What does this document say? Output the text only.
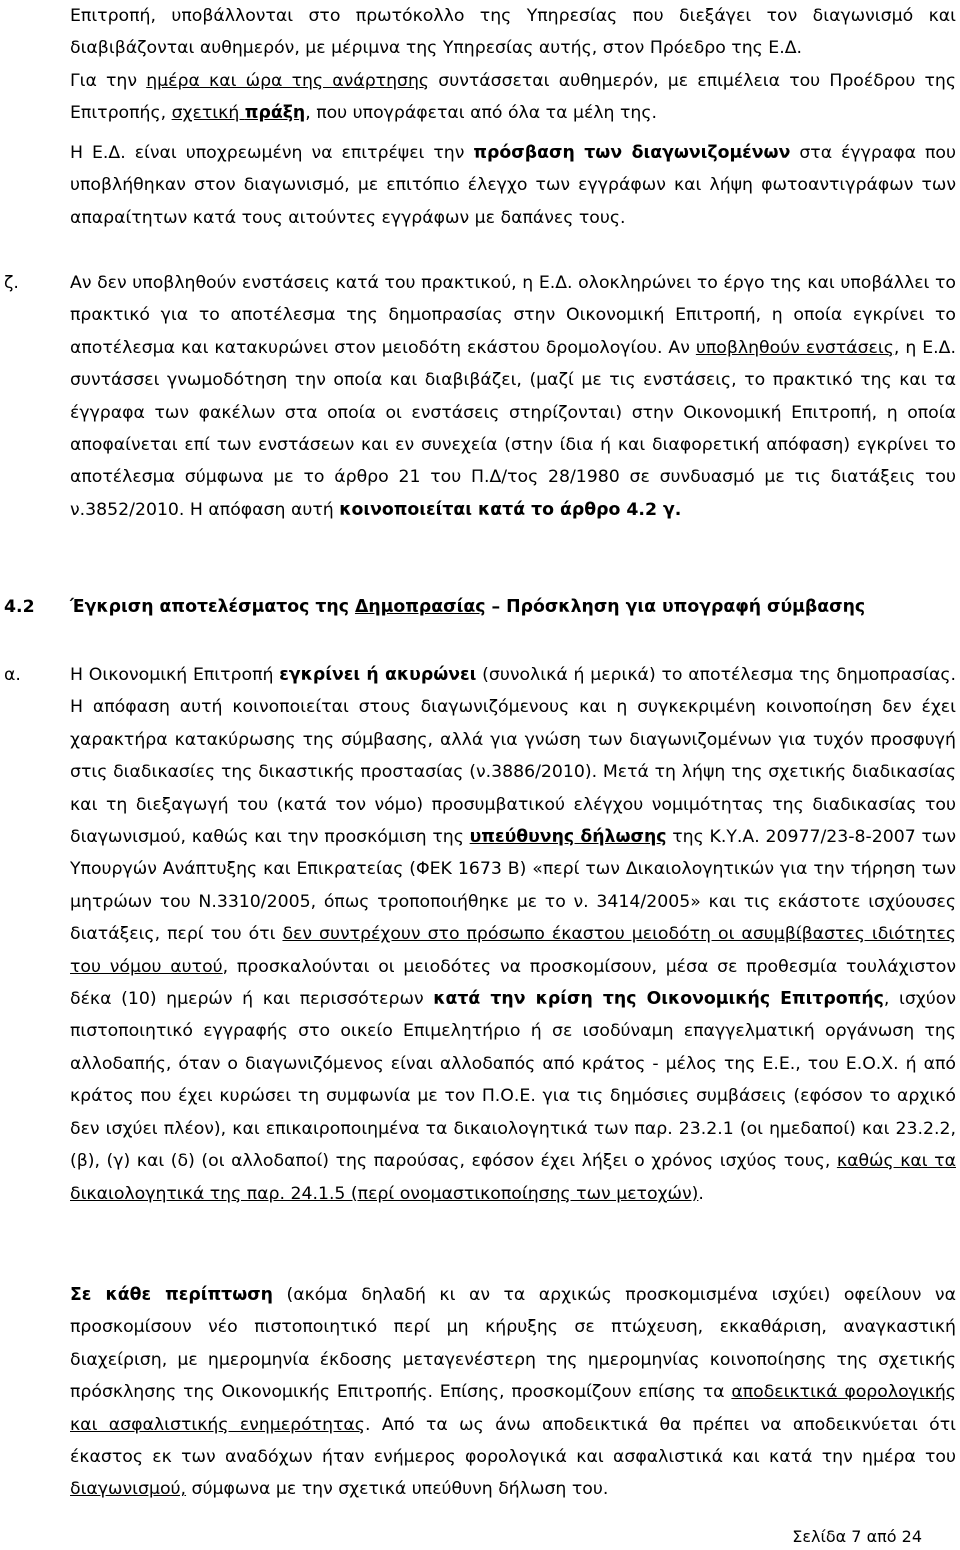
Επιτροπή, υποβάλλονται στο πρωτόκολλο της Υπηρεσίας που διεξάγει τον διαγωνισμό και διαβιβάζονται αυθημερόν, με μέριμνα της Υπηρεσίας αυτής, στον Πρόεδρο της Ε.Δ.
Για την ημέρα και ώρα της ανάρτησης συντάσσεται αυθημερόν, με επιμέλεια του Προέδρου της Επιτροπής, σχετική πράξη, που υπογράφεται από όλα τα μέλη της.
Η Ε.Δ. είναι υποχρεωμένη να επιτρέψει την πρόσβαση των διαγωνιζομένων στα έγγραφα που υποβλήθηκαν στον διαγωνισμό, με επιτόπιο έλεγχο των εγγράφων και λήψη φωτοαντιγράφων των απαραίτητων κατά τους αιτούντες εγγράφων με δαπάνες τους.
ζ.	Αν δεν υποβληθούν ενστάσεις κατά του πρακτικού, η Ε.Δ. ολοκληρώνει το έργο της και υποβάλλει το πρακτικό για το αποτέλεσμα της δημοπρασίας στην Οικονομική Επιτροπή, η οποία εγκρίνει το αποτέλεσμα και κατακυρώνει στον μειοδότη εκάστου δρομολογίου. Αν υποβληθούν ενστάσεις, η Ε.Δ. συντάσσει γνωμοδότηση την οποία και διαβιβάζει, (μαζί με τις ενστάσεις, το πρακτικό της και τα έγγραφα των φακέλων στα οποία οι ενστάσεις στηρίζονται) στην Οικονομική Επιτροπή, η οποία αποφαίνεται επί των ενστάσεων και εν συνεχεία (στην ίδια ή και διαφορετική απόφαση) εγκρίνει το αποτέλεσμα σύμφωνα με το άρθρο 21 του Π.Δ/τος 28/1980 σε συνδυασμό με τις διατάξεις του ν.3852/2010. Η απόφαση αυτή κοινοποιείται κατά το άρθρο 4.2 γ.
4.2 Έγκριση αποτελέσματος της Δημοπρασίας – Πρόσκληση για υπογραφή σύμβασης
α.	Η Οικονομική Επιτροπή εγκρίνει ή ακυρώνει (συνολικά ή μερικά) το αποτέλεσμα της δημοπρασίας. Η απόφαση αυτή κοινοποιείται στους διαγωνιζόμενους και η συγκεκριμένη κοινοποίηση δεν έχει χαρακτήρα κατακύρωσης της σύμβασης, αλλά για γνώση των διαγωνιζομένων για τυχόν προσφυγή στις διαδικασίες της δικαστικής προστασίας (ν.3886/2010). Μετά τη λήψη της σχετικής διαδικασίας και τη διεξαγωγή του (κατά τον νόμο) προσυμβατικού ελέγχου νομιμότητας της διαδικασίας του διαγωνισμού, καθώς και την προσκόμιση της υπεύθυνης δήλωσης της Κ.Υ.Α. 20977/23-8-2007 των Υπουργών Ανάπτυξης και Επικρατείας (ΦΕΚ 1673 Β) «περί των Δικαιολογητικών για την τήρηση των μητρώων του Ν.3310/2005, όπως τροποποιήθηκε με το ν. 3414/2005» και τις εκάστοτε ισχύουσες διατάξεις, περί του ότι δεν συντρέχουν στο πρόσωπο έκαστου μειοδότη οι ασυμβίβαστες ιδιότητες του νόμου αυτού, προσκαλούνται οι μειοδότες να προσκομίσουν, μέσα σε προθεσμία τουλάχιστον δέκα (10) ημερών ή και περισσότερων κατά την κρίση της Οικονομικής Επιτροπής, ισχύον πιστοποιητικό εγγραφής στο οικείο Επιμελητήριο ή σε ισοδύναμη επαγγελματική οργάνωση της αλλοδαπής, όταν ο διαγωνιζόμενος είναι αλλοδαπός από κράτος - μέλος της Ε.Ε., του Ε.Ο.Χ. ή από κράτος που έχει κυρώσει τη συμφωνία με τον Π.Ο.Ε. για τις δημόσιες συμβάσεις (εφόσον το αρχικό δεν ισχύει πλέον), και επικαιροποιημένα τα δικαιολογητικά των παρ. 23.2.1 (οι ημεδαποί) και 23.2.2, (β), (γ) και (δ) (οι αλλοδαποί) της παρούσας, εφόσον έχει λήξει ο χρόνος ισχύος τους, καθώς και τα δικαιολογητικά της παρ. 24.1.5 (περί ονομαστικοποίησης των μετοχών).
Σε κάθε περίπτωση (ακόμα δηλαδή κι αν τα αρχικώς προσκομισμένα ισχύει) οφείλουν να προσκομίσουν νέο πιστοποιητικό περί μη κήρυξης σε πτώχευση, εκκαθάριση, αναγκαστική διαχείριση, με ημερομηνία έκδοσης μεταγενέστερη της ημερομηνίας κοινοποίησης της σχετικής πρόσκλησης της Οικονομικής Επιτροπής. Επίσης, προσκομίζουν επίσης τα αποδεικτικά φορολογικής και ασφαλιστικής ενημερότητας. Από τα ως άνω αποδεικτικά θα πρέπει να αποδεικνύεται ότι έκαστος εκ των αναδόχων ήταν ενήμερος φορολογικά και ασφαλιστικά και κατά την ημέρα του διαγωνισμού, σύμφωνα με την σχετικά υπεύθυνη δήλωση του.
Σελίδα 7 από 24
